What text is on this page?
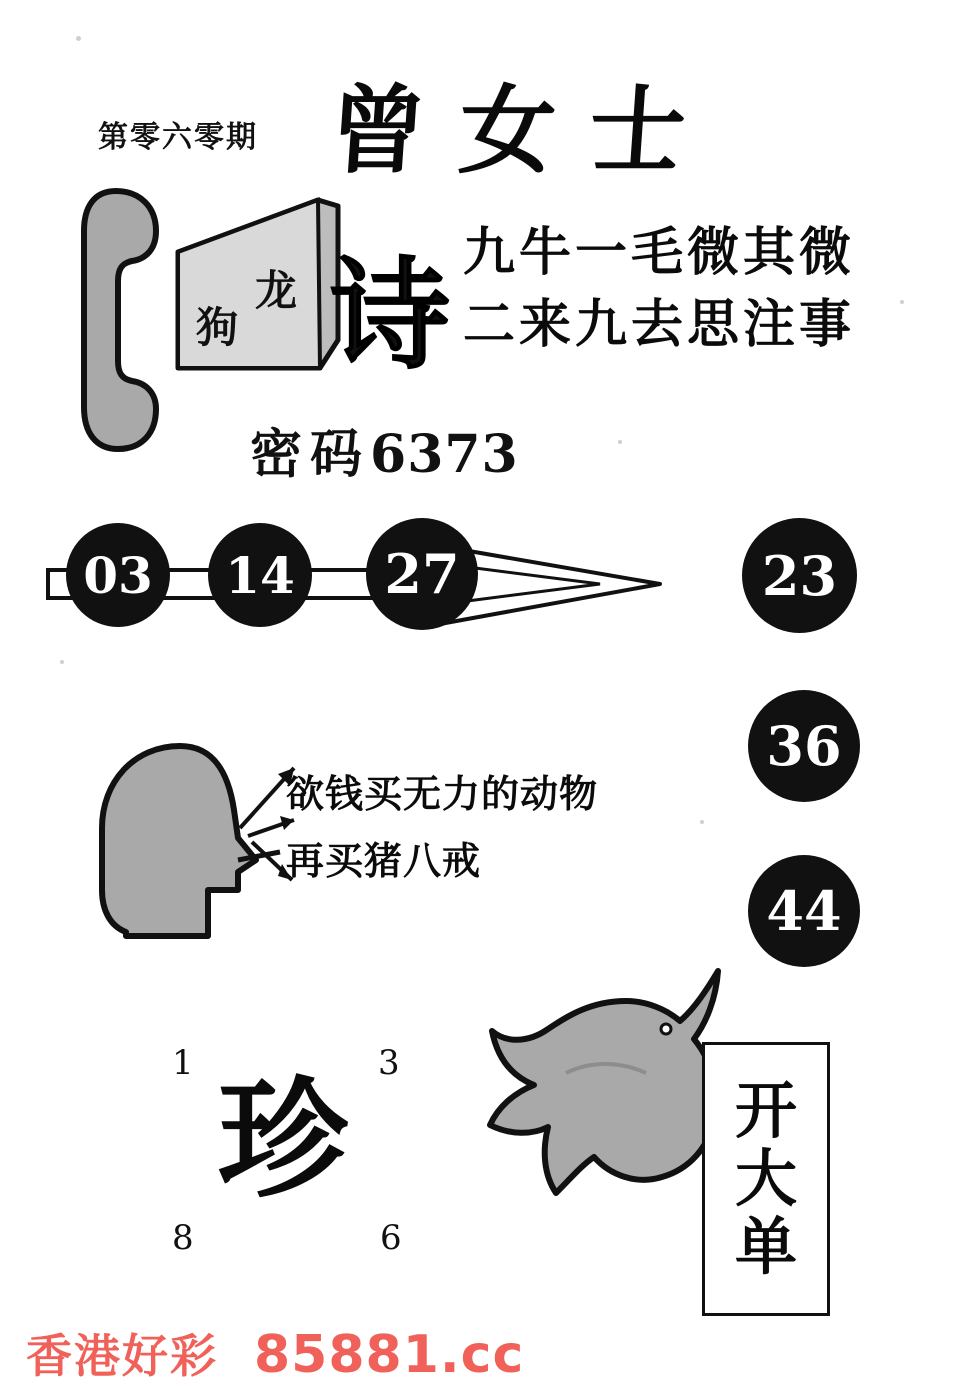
第零六零期 曾女士
龙
狗 诗 九牛一毛微其微
二来九去思注事
密码6373
03	14	27	23
36
44
欲钱买无力的动物
再买猪八戒
1	3
珍
8	6
开
大
单
香港好彩 85881.cc
